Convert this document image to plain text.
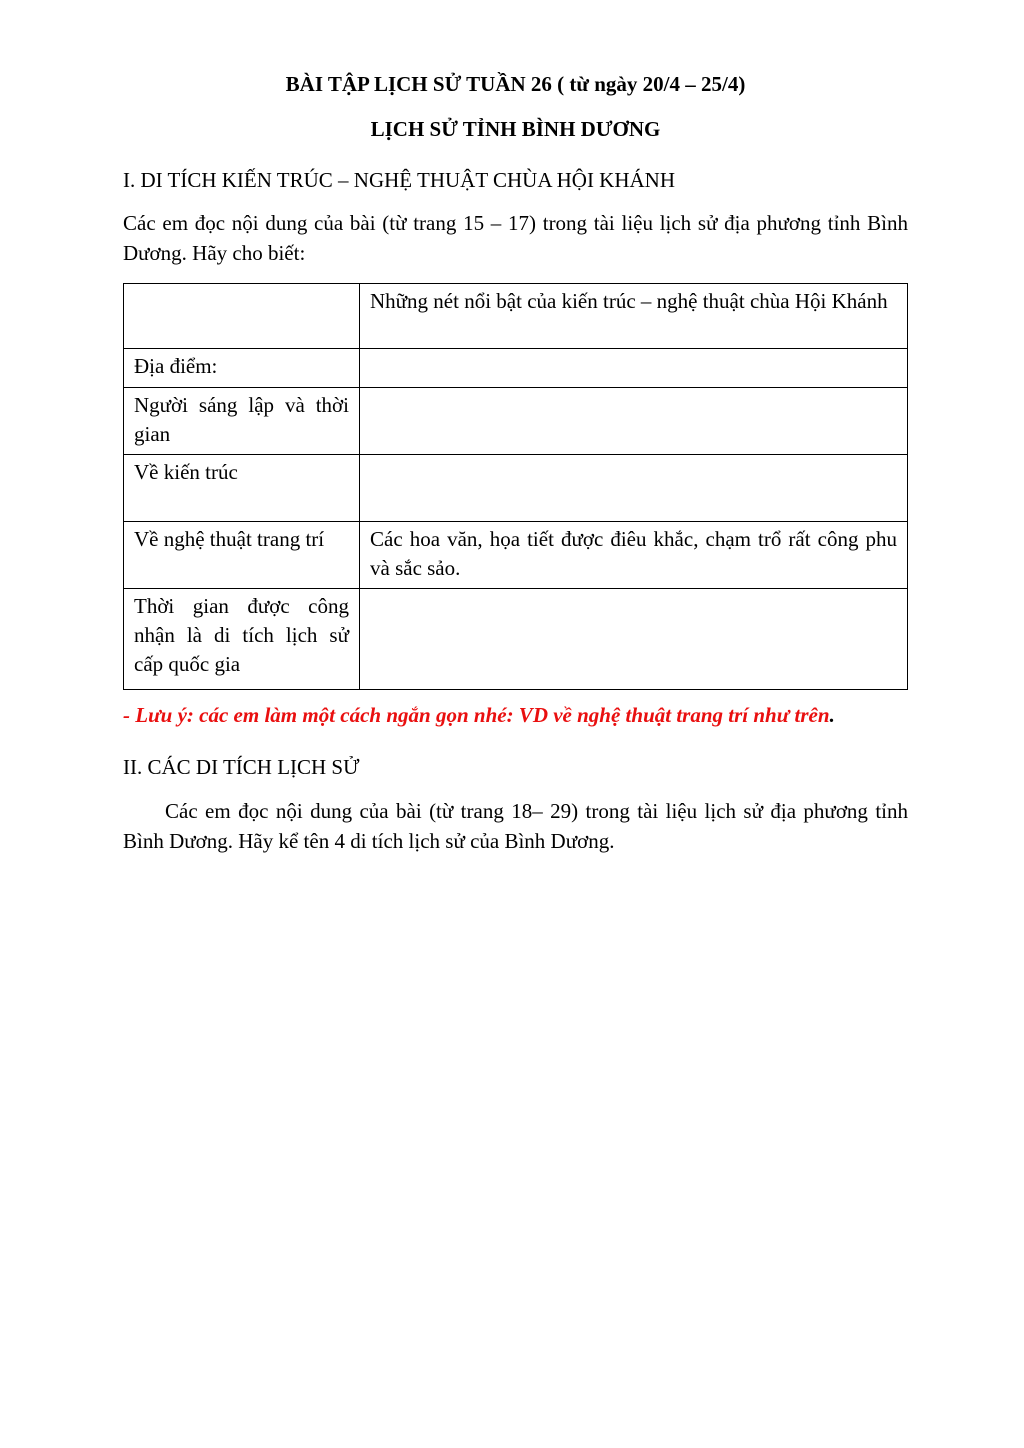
BÀI TẬP LỊCH SỬ TUẦN 26 ( từ ngày 20/4 – 25/4)
LỊCH SỬ TỈNH BÌNH DƯƠNG
I. DI TÍCH KIẾN TRÚC – NGHỆ THUẬT CHÙA HỘI KHÁNH

Các em đọc nội dung của bài (từ trang 15 – 17) trong tài liệu lịch sử địa phương tỉnh Bình Dương. Hãy cho biết:

	Những nét nổi bật của kiến trúc – nghệ thuật chùa Hội Khánh
Địa điểm:	
Người sáng lập và thời gian	
Về kiến trúc	
Về nghệ thuật trang trí	Các hoa văn, họa tiết được điêu khắc, chạm trổ rất công phu và sắc sảo.
Thời gian được công nhận là di tích lịch sử cấp quốc gia	

- Lưu ý: các em làm một cách ngắn gọn nhé: VD về nghệ thuật trang trí như trên.

II. CÁC DI TÍCH LỊCH SỬ

Các em đọc nội dung của bài (từ trang 18– 29) trong tài liệu lịch sử địa phương tỉnh Bình Dương. Hãy kể tên 4 di tích lịch sử của Bình Dương.
